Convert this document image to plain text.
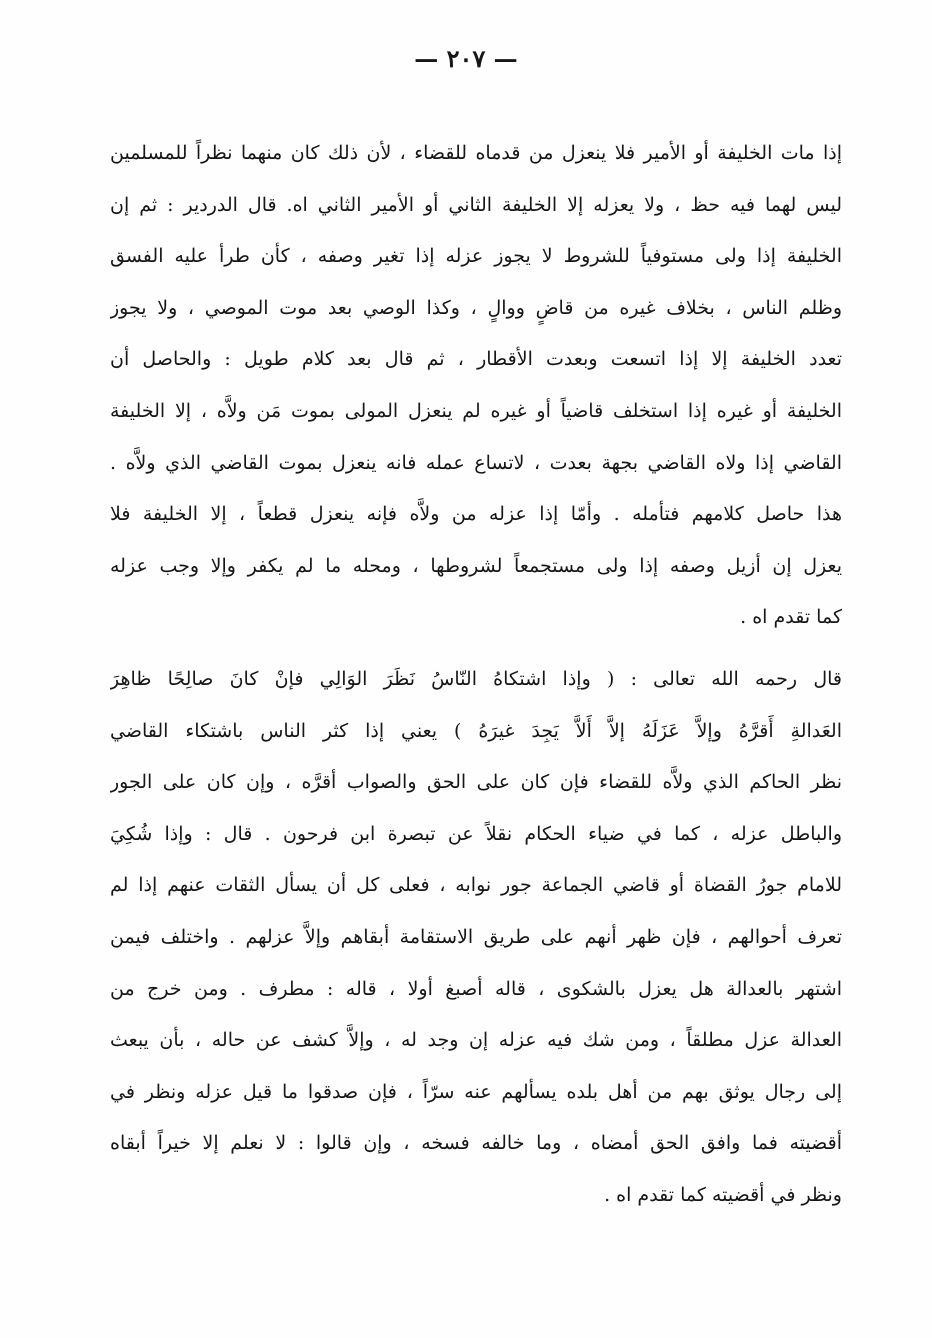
— ٢٠٧ —
إذا مات الخليفة أو الأمير فلا ينعزل من قدماه للقضاء ، لأن ذلك كان منهما نظراً للمسلمين
ليس لهما فيه حظ ، ولا يعزله إلا الخليفة الثاني أو الأمير الثاني اه. قال الدردير : ثم إن
الخليفة إذا ولى مستوفياً للشروط لا يجوز عزله إذا تغير وصفه ، كأن طرأ عليه الفسق
وظلم الناس ، بخلاف غيره من قاضٍ ووالٍ ، وكذا الوصي بعد موت الموصي ، ولا يجوز
تعدد الخليفة إلا إذا اتسعت وبعدت الأقطار ، ثم قال بعد كلام طويل : والحاصل أن
الخليفة أو غيره إذا استخلف قاضياً أو غيره لم ينعزل المولى بموت مَن ولاَّه ، إلا الخليفة
القاضي إذا ولاه القاضي بجهة بعدت ، لاتساع عمله فانه ينعزل بموت القاضي الذي ولاَّه .
هذا حاصل كلامهم فتأمله . وأمّا إذا عزله من ولاَّه فإنه ينعزل قطعاً ، إلا الخليفة فلا
يعزل إن أزيل وصفه إذا ولى مستجمعاً لشروطها ، ومحله ما لم يكفر وإلا وجب عزله
كما تقدم اه .
قال رحمه الله تعالى : ( وإذا اشتكاهُ النّاسُ نَظَرَ الوَالِي فإنْ كانَ صالِحًا ظاهِرَ
العَدالةِ أَقرَّهُ وإلاَّ عَزَلَهُ إلاَّ أَلاَّ يَجِدَ غيرَهُ ) يعني إذا كثر الناس باشتكاء القاضي
نظر الحاكم الذي ولاَّه للقضاء فإن كان على الحق والصواب أقرَّه ، وإن كان على الجور
والباطل عزله ، كما في ضياء الحكام نقلاً عن تبصرة ابن فرحون . قال : وإذا شُكِيَ
للامام جورُ القضاة أو قاضي الجماعة جور نوابه ، فعلى كل أن يسأل الثقات عنهم إذا لم
تعرف أحوالهم ، فإن ظهر أنهم على طريق الاستقامة أبقاهم وإلاَّ عزلهم . واختلف فيمن
اشتهر بالعدالة هل يعزل بالشكوى ، قاله أصبغ أولا ، قاله : مطرف . ومن خرج من
العدالة عزل مطلقاً ، ومن شك فيه عزله إن وجد له ، وإلاَّ كشف عن حاله ، بأن يبعث
إلى رجال يوثق بهم من أهل بلده يسألهم عنه سرّاً ، فإن صدقوا ما قيل عزله ونظر في
أقضيته فما وافق الحق أمضاه ، وما خالفه فسخه ، وإن قالوا : لا نعلم إلا خيراً أبقاه
ونظر في أقضيته كما تقدم اه .
